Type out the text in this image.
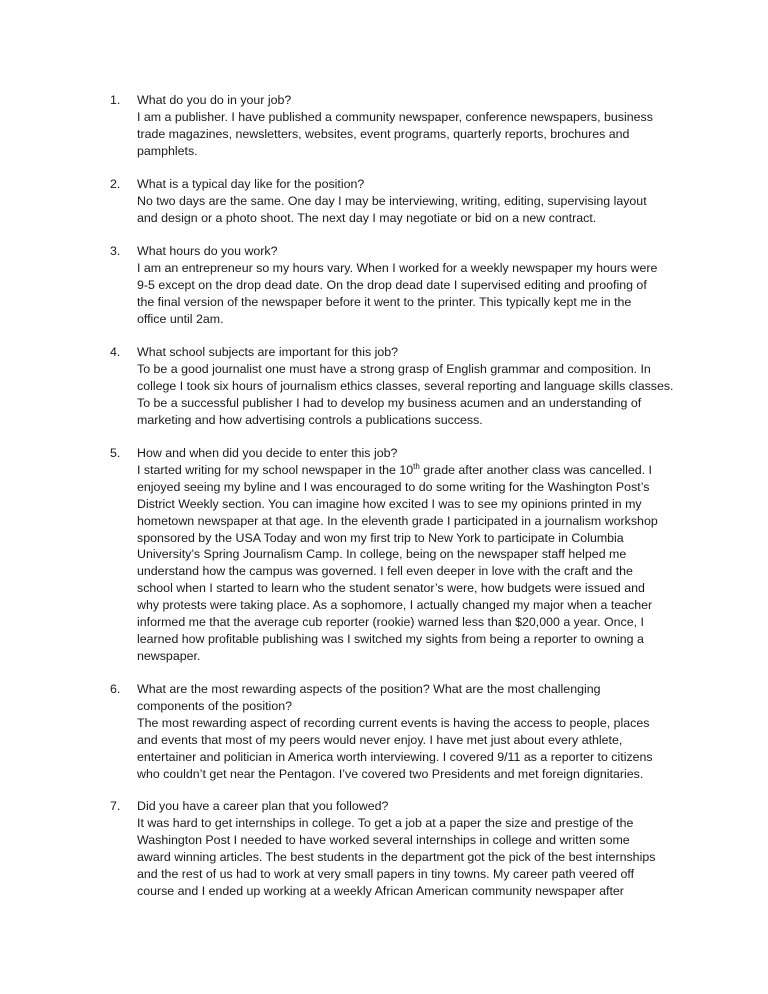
1.	What do you do in your job?
I am a publisher. I have published a community newspaper, conference newspapers, business
trade magazines, newsletters, websites, event programs, quarterly reports, brochures and
pamphlets.
2.	What is a typical day like for the position?
No two days are the same. One day I may be interviewing, writing, editing, supervising layout
and design or a photo shoot. The next day I may negotiate or bid on a new contract.
3.	What hours do you work?
I am an entrepreneur so my hours vary. When I worked for a weekly newspaper my hours were
9-5 except on the drop dead date. On the drop dead date I supervised editing and proofing of
the final version of the newspaper before it went to the printer. This typically kept me in the
office until 2am.
4.	What school subjects are important for this job?
To be a good journalist one must have a strong grasp of English grammar and composition. In
college I took six hours of journalism ethics classes, several reporting and language skills classes.
To be a successful publisher I had to develop my business acumen and an understanding of
marketing and how advertising controls a publications success.
5.	How and when did you decide to enter this job?
I started writing for my school newspaper in the 10th grade after another class was cancelled. I
enjoyed seeing my byline and I was encouraged to do some writing for the Washington Post’s
District Weekly section. You can imagine how excited I was to see my opinions printed in my
hometown newspaper at that age. In the eleventh grade I participated in a journalism workshop
sponsored by the USA Today and won my first trip to New York to participate in Columbia
University’s Spring Journalism Camp. In college, being on the newspaper staff helped me
understand how the campus was governed. I fell even deeper in love with the craft and the
school when I started to learn who the student senator’s were, how budgets were issued and
why protests were taking place. As a sophomore, I actually changed my major when a teacher
informed me that the average cub reporter (rookie) warned less than $20,000 a year. Once, I
learned how profitable publishing was I switched my sights from being a reporter to owning a
newspaper.
6.	What are the most rewarding aspects of the position? What are the most challenging
components of the position?
The most rewarding aspect of recording current events is having the access to people, places
and events that most of my peers would never enjoy. I have met just about every athlete,
entertainer and politician in America worth interviewing. I covered 9/11 as a reporter to citizens
who couldn’t get near the Pentagon. I’ve covered two Presidents and met foreign dignitaries.
7.	Did you have a career plan that you followed?
It was hard to get internships in college. To get a job at a paper the size and prestige of the
Washington Post I needed to have worked several internships in college and written some
award winning articles. The best students in the department got the pick of the best internships
and the rest of us had to work at very small papers in tiny towns. My career path veered off
course and I ended up working at a weekly African American community newspaper after
